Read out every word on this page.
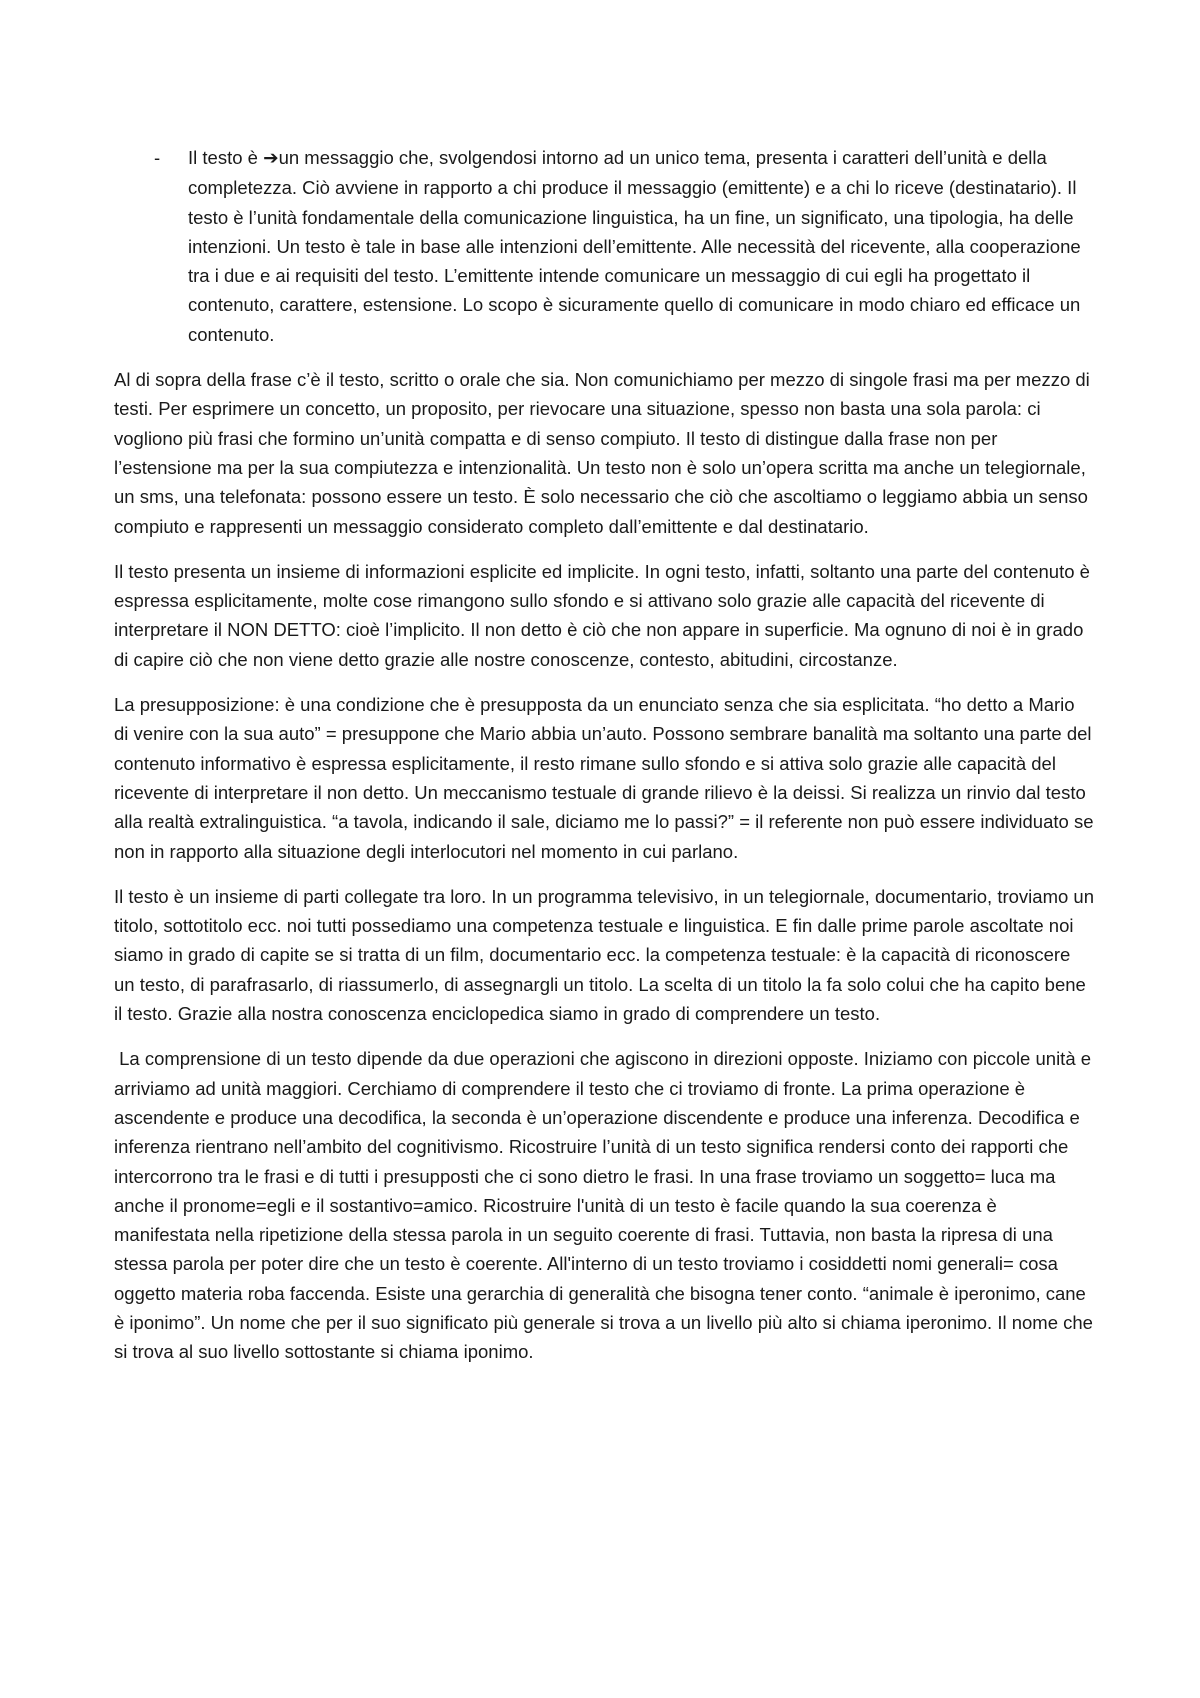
- Il testo è ➔un messaggio che, svolgendosi intorno ad un unico tema, presenta i caratteri dell’unità e della completezza. Ciò avviene in rapporto a chi produce il messaggio (emittente) e a chi lo riceve (destinatario). Il testo è l’unità fondamentale della comunicazione linguistica, ha un fine, un significato, una tipologia, ha delle intenzioni. Un testo è tale in base alle intenzioni dell’emittente. Alle necessità del ricevente, alla cooperazione tra i due e ai requisiti del testo. L’emittente intende comunicare un messaggio di cui egli ha progettato il contenuto, carattere, estensione. Lo scopo è sicuramente quello di comunicare in modo chiaro ed efficace un contenuto.

Al di sopra della frase c’è il testo, scritto o orale che sia. Non comunichiamo per mezzo di singole frasi ma per mezzo di testi. Per esprimere un concetto, un proposito, per rievocare una situazione, spesso non basta una sola parola: ci vogliono più frasi che formino un’unità compatta e di senso compiuto. Il testo di distingue dalla frase non per l’estensione ma per la sua compiutezza e intenzionalità. Un testo non è solo un’opera scritta ma anche un telegiornale, un sms, una telefonata: possono essere un testo. È solo necessario che ciò che ascoltiamo o leggiamo abbia un senso compiuto e rappresenti un messaggio considerato completo dall’emittente e dal destinatario.

Il testo presenta un insieme di informazioni esplicite ed implicite. In ogni testo, infatti, soltanto una parte del contenuto è espressa esplicitamente, molte cose rimangono sullo sfondo e si attivano solo grazie alle capacità del ricevente di interpretare il NON DETTO: cioè l’implicito. Il non detto è ciò che non appare in superficie. Ma ognuno di noi è in grado di capire ciò che non viene detto grazie alle nostre conoscenze, contesto, abitudini, circostanze.

La presupposizione: è una condizione che è presupposta da un enunciato senza che sia esplicitata. “ho detto a Mario di venire con la sua auto” = presuppone che Mario abbia un’auto. Possono sembrare banalità ma soltanto una parte del contenuto informativo è espressa esplicitamente, il resto rimane sullo sfondo e si attiva solo grazie alle capacità del ricevente di interpretare il non detto. Un meccanismo testuale di grande rilievo è la deissi. Si realizza un rinvio dal testo alla realtà extralinguistica. “a tavola, indicando il sale, diciamo me lo passi?” = il referente non può essere individuato se non in rapporto alla situazione degli interlocutori nel momento in cui parlano.

Il testo è un insieme di parti collegate tra loro. In un programma televisivo, in un telegiornale, documentario, troviamo un titolo, sottotitolo ecc. noi tutti possediamo una competenza testuale e linguistica. E fin dalle prime parole ascoltate noi siamo in grado di capite se si tratta di un film, documentario ecc. la competenza testuale: è la capacità di riconoscere un testo, di parafrasarlo, di riassumerlo, di assegnargli un titolo. La scelta di un titolo la fa solo colui che ha capito bene il testo. Grazie alla nostra conoscenza enciclopedica siamo in grado di comprendere un testo.

La comprensione di un testo dipende da due operazioni che agiscono in direzioni opposte. Iniziamo con piccole unità e arriviamo ad unità maggiori. Cerchiamo di comprendere il testo che ci troviamo di fronte. La prima operazione è ascendente e produce una decodifica, la seconda è un’operazione discendente e produce una inferenza. Decodifica e inferenza rientrano nell’ambito del cognitivismo. Ricostruire l’unità di un testo significa rendersi conto dei rapporti che intercorrono tra le frasi e di tutti i presupposti che ci sono dietro le frasi. In una frase troviamo un soggetto= luca ma anche il pronome=egli e il sostantivo=amico. Ricostruire l'unità di un testo è facile quando la sua coerenza è manifestata nella ripetizione della stessa parola in un seguito coerente di frasi. Tuttavia, non basta la ripresa di una stessa parola per poter dire che un testo è coerente. All'interno di un testo troviamo i cosiddetti nomi generali= cosa oggetto materia roba faccenda. Esiste una gerarchia di generalità che bisogna tener conto. “animale è iperonimo, cane è iponimo”. Un nome che per il suo significato più generale si trova a un livello più alto si chiama iperonimo. Il nome che si trova al suo livello sottostante si chiama iponimo.
